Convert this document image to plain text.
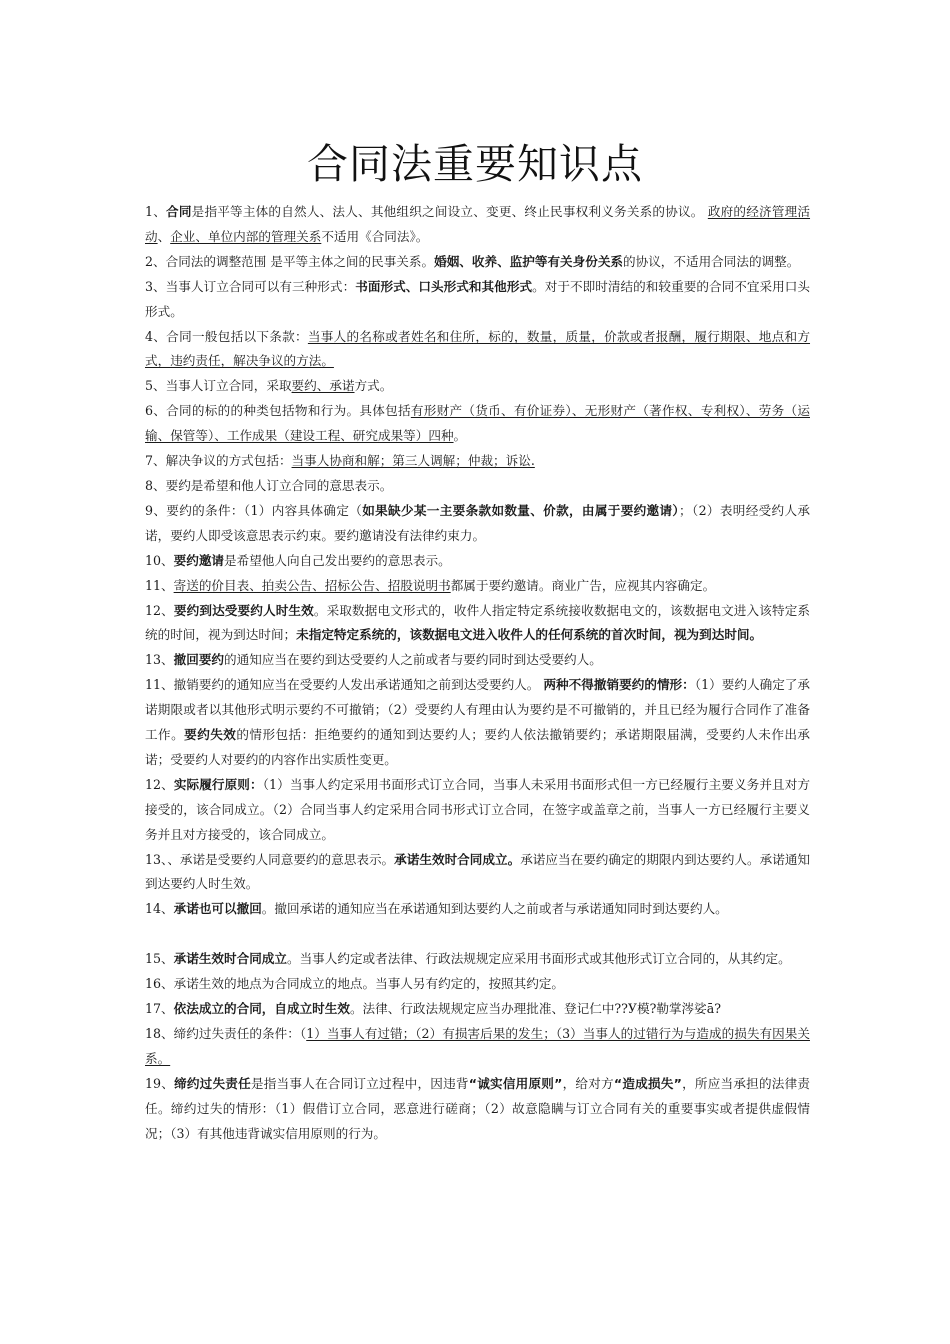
合同法重要知识点

1、合同是指平等主体的自然人、法人、其他组织之间设立、变更、终止民事权利义务关系的协议。 政府的经济管理活动、企业、单位内部的管理关系不适用《合同法》。

2、合同法的调整范围 是平等主体之间的民事关系。婚姻、收养、监护等有关身份关系的协议，不适用合同法的调整。

3、当事人订立合同可以有三种形式：书面形式、口头形式和其他形式。对于不即时清结的和较重要的合同不宜采用口头形式。

4、合同一般包括以下条款：当事人的名称或者姓名和住所，标的，数量，质量，价款或者报酬，履行期限、地点和方式，违约责任，解决争议的方法。

5、当事人订立合同，采取要约、承诺方式。

6、合同的标的的种类包括物和行为。具体包括有形财产（货币、有价证券）、无形财产（著作权、专利权）、劳务（运输、保管等）、工作成果（建设工程、研究成果等）四种。

7、解决争议的方式包括：当事人协商和解；第三人调解；仲裁；诉讼.

8、要约是希望和他人订立合同的意思表示。

9、要约的条件：（1）内容具体确定（如果缺少某一主要条款如数量、价款，由属于要约邀请）；（2）表明经受约人承诺，要约人即受该意思表示约束。要约邀请没有法律约束力。

10、要约邀请是希望他人向自己发出要约的意思表示。

11、寄送的价目表、拍卖公告、招标公告、招股说明书都属于要约邀请。商业广告，应视其内容确定。

12、要约到达受要约人时生效。采取数据电文形式的，收件人指定特定系统接收数据电文的，该数据电文进入该特定系统的时间，视为到达时间；未指定特定系统的，该数据电文进入收件人的任何系统的首次时间，视为到达时间。

13、撤回要约的通知应当在要约到达受要约人之前或者与要约同时到达受要约人。

11、撤销要约的通知应当在受要约人发出承诺通知之前到达受要约人。 两种不得撤销要约的情形：（1）要约人确定了承诺期限或者以其他形式明示要约不可撤销；（2）受要约人有理由认为要约是不可撤销的，并且已经为履行合同作了准备工作。要约失效的情形包括：拒绝要约的通知到达要约人；要约人依法撤销要约；承诺期限届满，受要约人未作出承诺；受要约人对要约的内容作出实质性变更。

12、实际履行原则：（1）当事人约定采用书面形式订立合同，当事人未采用书面形式但一方已经履行主要义务并且对方接受的，该合同成立。（2）合同当事人约定采用合同书形式订立合同，在签字或盖章之前，当事人一方已经履行主要义务并且对方接受的，该合同成立。

13、、承诺是受要约人同意要约的意思表示。承诺生效时合同成立。承诺应当在要约确定的期限内到达要约人。承诺通知到达要约人时生效。

14、承诺也可以撤回。撤回承诺的通知应当在承诺通知到达要约人之前或者与承诺通知同时到达要约人。

15、承诺生效时合同成立。当事人约定或者法律、行政法规规定应采用书面形式或其他形式订立合同的，从其约定。

16、承诺生效的地点为合同成立的地点。当事人另有约定的，按照其约定。

17、依法成立的合同，自成立时生效。法律、行政法规规定应当办理批准、登记仁中??У模?勒掌涔娑ā?

18、缔约过失责任的条件：（1）当事人有过错；（2）有损害后果的发生；（3）当事人的过错行为与造成的损失有因果关系。

19、缔约过失责任是指当事人在合同订立过程中，因违背“诚实信用原则”，给对方“造成损失”，所应当承担的法律责任。缔约过失的情形：（1）假借订立合同，恶意进行磋商；（2）故意隐瞒与订立合同有关的重要事实或者提供虚假情况；（3）有其他违背诚实信用原则的行为。
